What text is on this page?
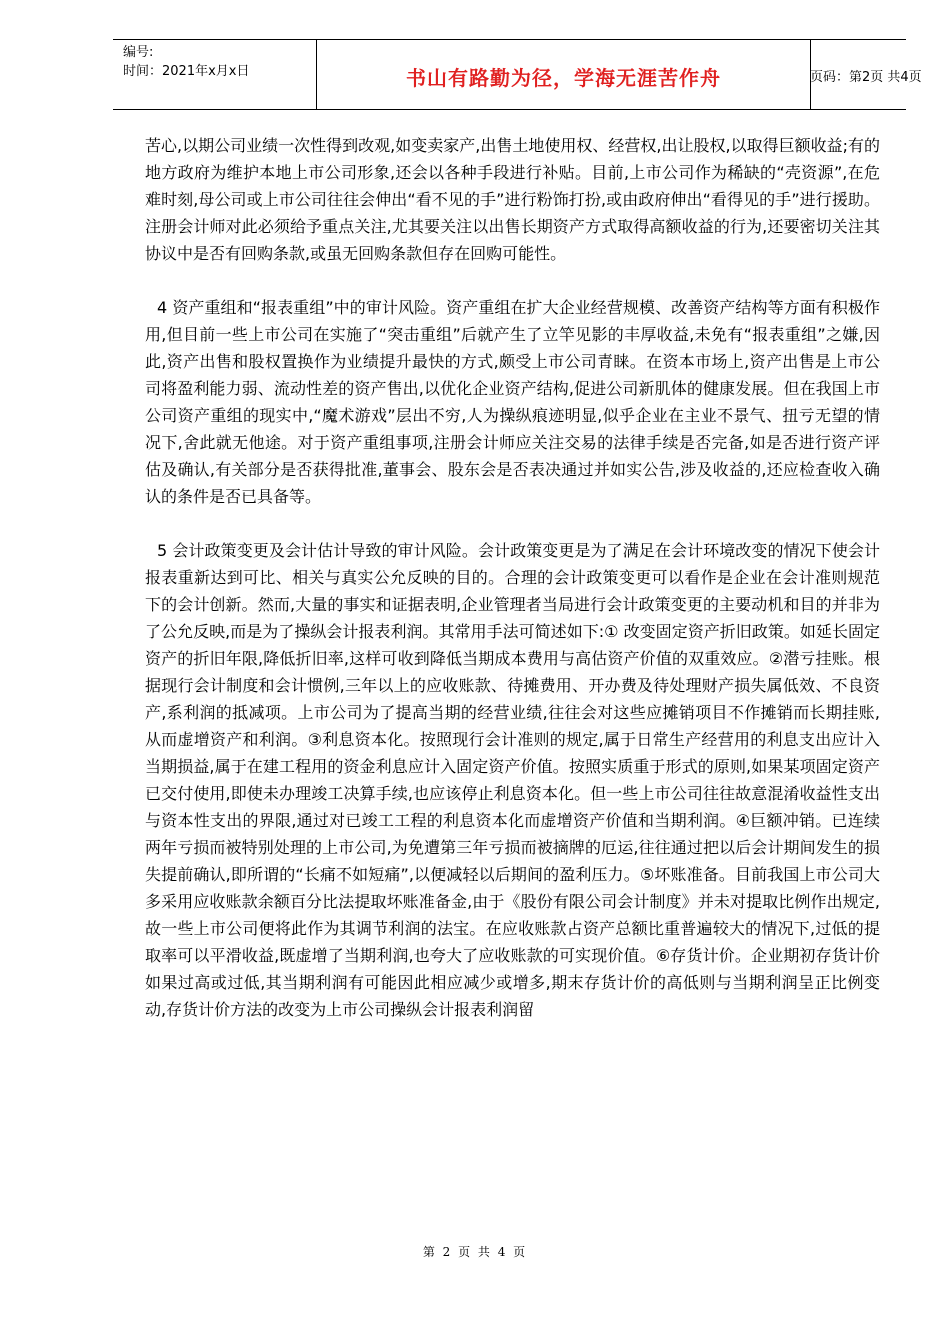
编号:
时间：2021年x月x日	书山有路勤为径，学海无涯苦作舟	页码：第2页 共4页

苦心,以期公司业绩一次性得到改观,如变卖家产,出售土地使用权、经营权,出让股权,以取得巨额收益;有的地方政府为维护本地上市公司形象,还会以各种手段进行补贴。目前,上市公司作为稀缺的“壳资源”,在危难时刻,母公司或上市公司往往会伸出“看不见的手”进行粉饰打扮,或由政府伸出“看得见的手”进行援助。注册会计师对此必须给予重点关注,尤其要关注以出售长期资产方式取得高额收益的行为,还要密切关注其协议中是否有回购条款,或虽无回购条款但存在回购可能性。

4 资产重组和“报表重组”中的审计风险。资产重组在扩大企业经营规模、改善资产结构等方面有积极作用,但目前一些上市公司在实施了“突击重组”后就产生了立竿见影的丰厚收益,未免有“报表重组”之嫌,因此,资产出售和股权置换作为业绩提升最快的方式,颇受上市公司青睐。在资本市场上,资产出售是上市公司将盈利能力弱、流动性差的资产售出,以优化企业资产结构,促进公司新肌体的健康发展。但在我国上市公司资产重组的现实中,“魔术游戏”层出不穷,人为操纵痕迹明显,似乎企业在主业不景气、扭亏无望的情况下,舍此就无他途。对于资产重组事项,注册会计师应关注交易的法律手续是否完备,如是否进行资产评估及确认,有关部分是否获得批准,董事会、股东会是否表决通过并如实公告,涉及收益的,还应检查收入确认的条件是否已具备等。

5 会计政策变更及会计估计导致的审计风险。会计政策变更是为了满足在会计环境改变的情况下使会计报表重新达到可比、相关与真实公允反映的目的。合理的会计政策变更可以看作是企业在会计准则规范下的会计创新。然而,大量的事实和证据表明,企业管理者当局进行会计政策变更的主要动机和目的并非为了公允反映,而是为了操纵会计报表利润。其常用手法可简述如下:① 改变固定资产折旧政策。如延长固定资产的折旧年限,降低折旧率,这样可收到降低当期成本费用与高估资产价值的双重效应。②潜亏挂账。根据现行会计制度和会计惯例,三年以上的应收账款、待摊费用、开办费及待处理财产损失属低效、不良资产,系利润的抵减项。上市公司为了提高当期的经营业绩,往往会对这些应摊销项目不作摊销而长期挂账,从而虚增资产和利润。③利息资本化。按照现行会计准则的规定,属于日常生产经营用的利息支出应计入当期损益,属于在建工程用的资金利息应计入固定资产价值。按照实质重于形式的原则,如果某项固定资产已交付使用,即使未办理竣工决算手续,也应该停止利息资本化。但一些上市公司往往故意混淆收益性支出与资本性支出的界限,通过对已竣工工程的利息资本化而虚增资产价值和当期利润。④巨额冲销。已连续两年亏损而被特别处理的上市公司,为免遭第三年亏损而被摘牌的厄运,往往通过把以后会计期间发生的损失提前确认,即所谓的“长痛不如短痛”,以便减轻以后期间的盈利压力。⑤坏账准备。目前我国上市公司大多采用应收账款余额百分比法提取坏账准备金,由于《股份有限公司会计制度》并未对提取比例作出规定,故一些上市公司便将此作为其调节利润的法宝。在应收账款占资产总额比重普遍较大的情况下,过低的提取率可以平滑收益,既虚增了当期利润,也夸大了应收账款的可实现价值。⑥存货计价。企业期初存货计价如果过高或过低,其当期利润有可能因此相应减少或增多,期末存货计价的高低则与当期利润呈正比例变动,存货计价方法的改变为上市公司操纵会计报表利润留

第 2 页 共 4 页
